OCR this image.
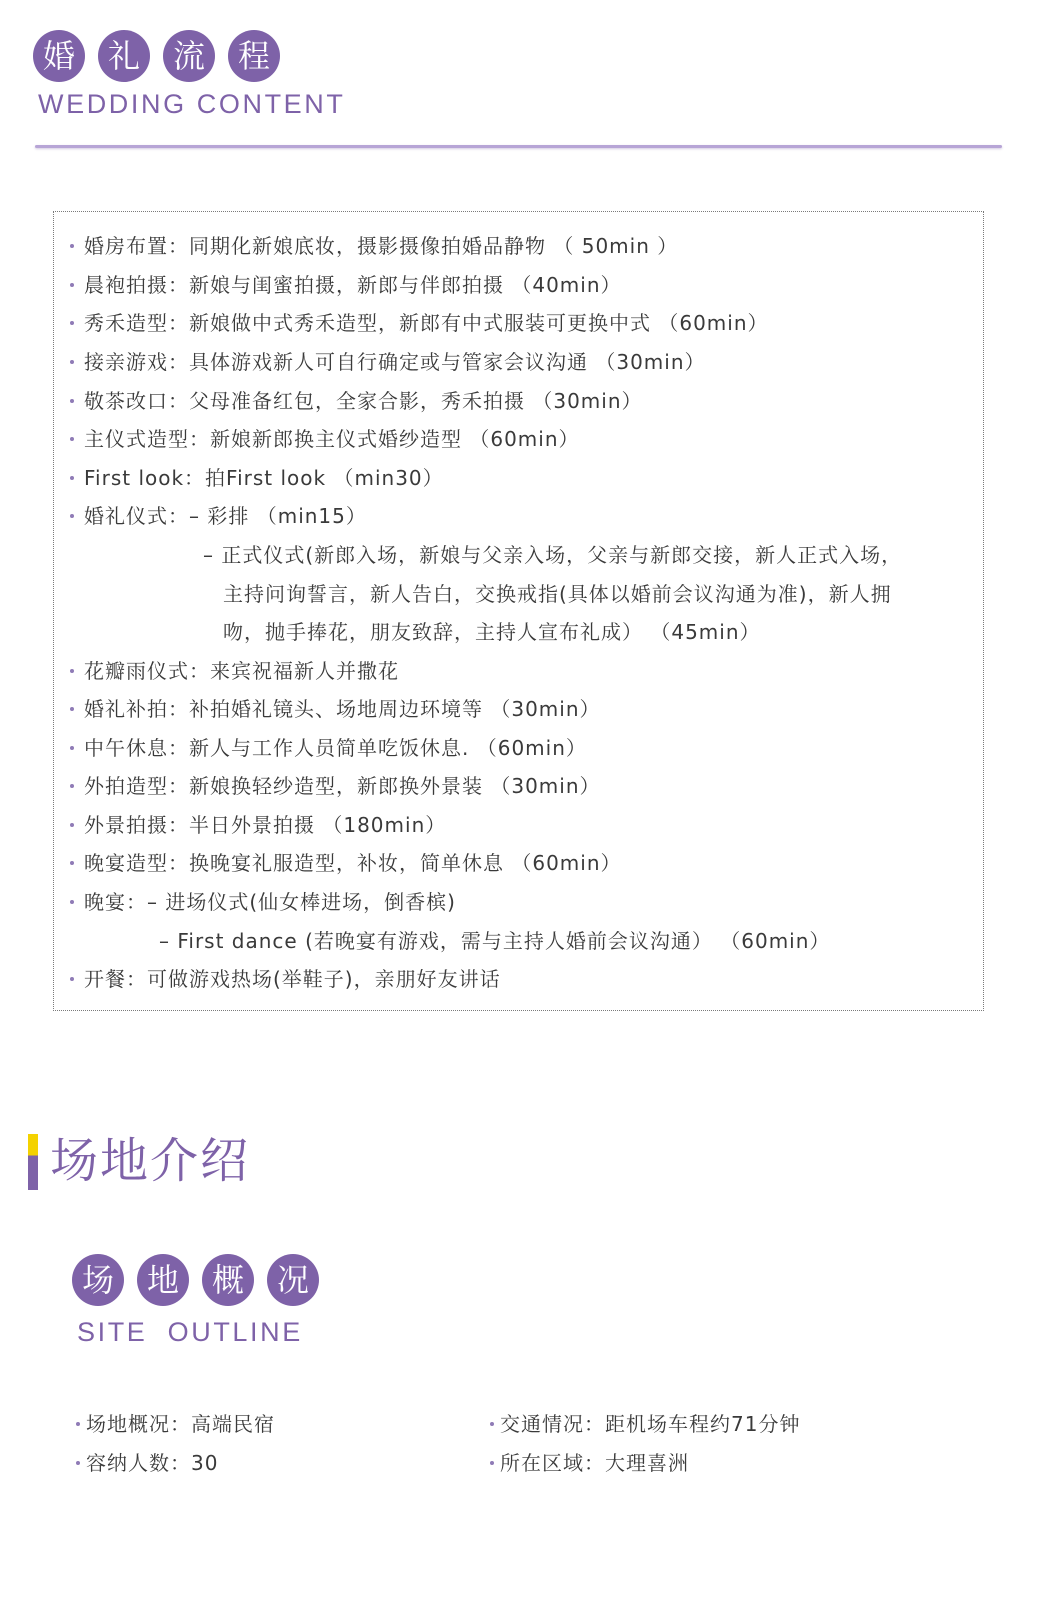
婚	礼	流	程
WEDDING CONTENT
婚房布置：同期化新娘底妆，摄影摄像拍婚品静物 （ 50min ）
晨袍拍摄：新娘与闺蜜拍摄，新郎与伴郎拍摄 （40min）
秀禾造型：新娘做中式秀禾造型，新郎有中式服装可更换中式 （60min）
接亲游戏：具体游戏新人可自行确定或与管家会议沟通 （30min）
敬茶改口：父母准备红包，全家合影，秀禾拍摄 （30min）
主仪式造型：新娘新郎换主仪式婚纱造型 （60min）
First look：拍First look （min30）
婚礼仪式：– 彩排 （min15）
– 正式仪式(新郎入场，新娘与父亲入场，父亲与新郎交接，新人正式入场，
主持问询誓言，新人告白，交换戒指(具体以婚前会议沟通为准)，新人拥
吻，抛手捧花，朋友致辞，主持人宣布礼成） （45min）
花瓣雨仪式：来宾祝福新人并撒花
婚礼补拍：补拍婚礼镜头、场地周边环境等 （30min）
中午休息：新人与工作人员简单吃饭休息. （60min）
外拍造型：新娘换轻纱造型，新郎换外景装 （30min）
外景拍摄：半日外景拍摄 （180min）
晚宴造型：换晚宴礼服造型，补妆，简单休息 （60min）
晚宴：– 进场仪式(仙女棒进场，倒香槟)
– First dance (若晚宴有游戏，需与主持人婚前会议沟通） （60min）
开餐：可做游戏热场(举鞋子)，亲朋好友讲话
场地介绍
场	地	概	况
SITE  OUTLINE
场地概况：高端民宿
容纳人数：30
交通情况：距机场车程约71分钟
所在区域：大理喜洲
